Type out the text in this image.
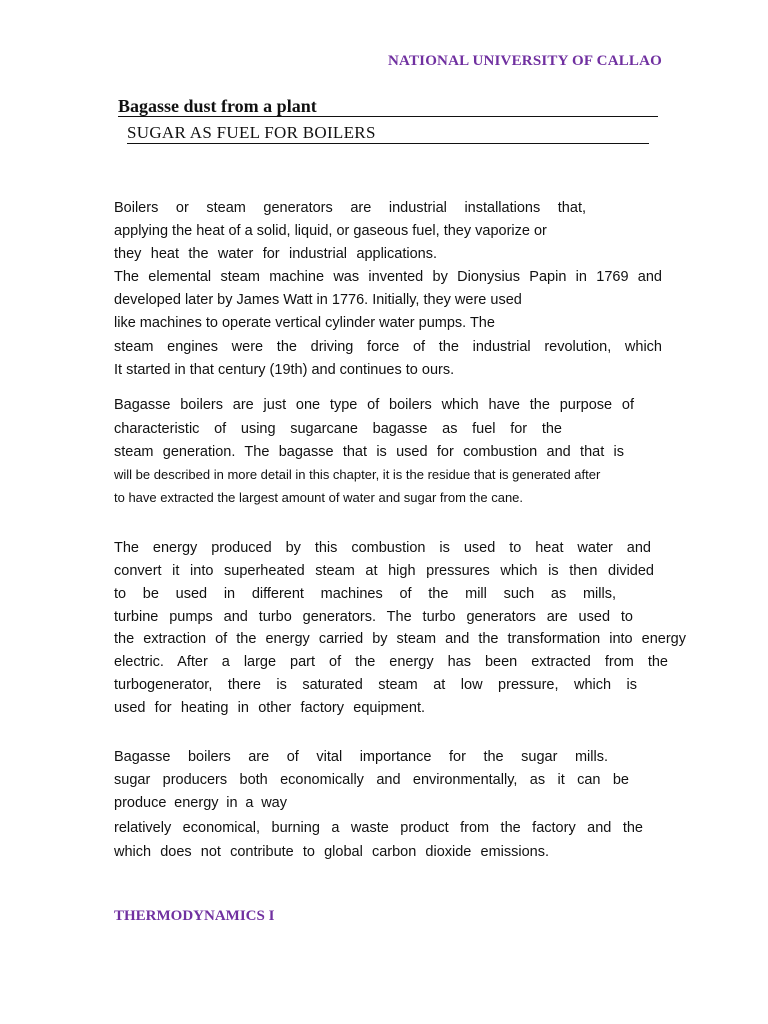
NATIONAL UNIVERSITY OF CALLAO
Bagasse dust from a plant
SUGAR AS FUEL FOR BOILERS
Boilers or steam generators are industrial installations that,
applying the heat of a solid, liquid, or gaseous fuel, they vaporize or
they heat the water for industrial applications.
The elemental steam machine was invented by Dionysius Papin in 1769 and
developed later by James Watt in 1776. Initially, they were used
like machines to operate vertical cylinder water pumps. The
steam engines were the driving force of the industrial revolution, which
It started in that century (19th) and continues to ours.
Bagasse boilers are just one type of boilers which have the purpose of
characteristic of using sugarcane bagasse as fuel for the
steam generation. The bagasse that is used for combustion and that is
will be described in more detail in this chapter, it is the residue that is generated after
to have extracted the largest amount of water and sugar from the cane.
The energy produced by this combustion is used to heat water and
convert it into superheated steam at high pressures which is then divided
to be used in different machines of the mill such as mills,
turbine pumps and turbo generators. The turbo generators are used to
the extraction of the energy carried by steam and the transformation into energy
electric. After a large part of the energy has been extracted from the
turbogenerator, there is saturated steam at low pressure, which is
used for heating in other factory equipment.
Bagasse boilers are of vital importance for the sugar mills.
sugar producers both economically and environmentally, as it can be
produce energy in a way
relatively economical, burning a waste product from the factory and the
which does not contribute to global carbon dioxide emissions.
THERMODYNAMICS I
